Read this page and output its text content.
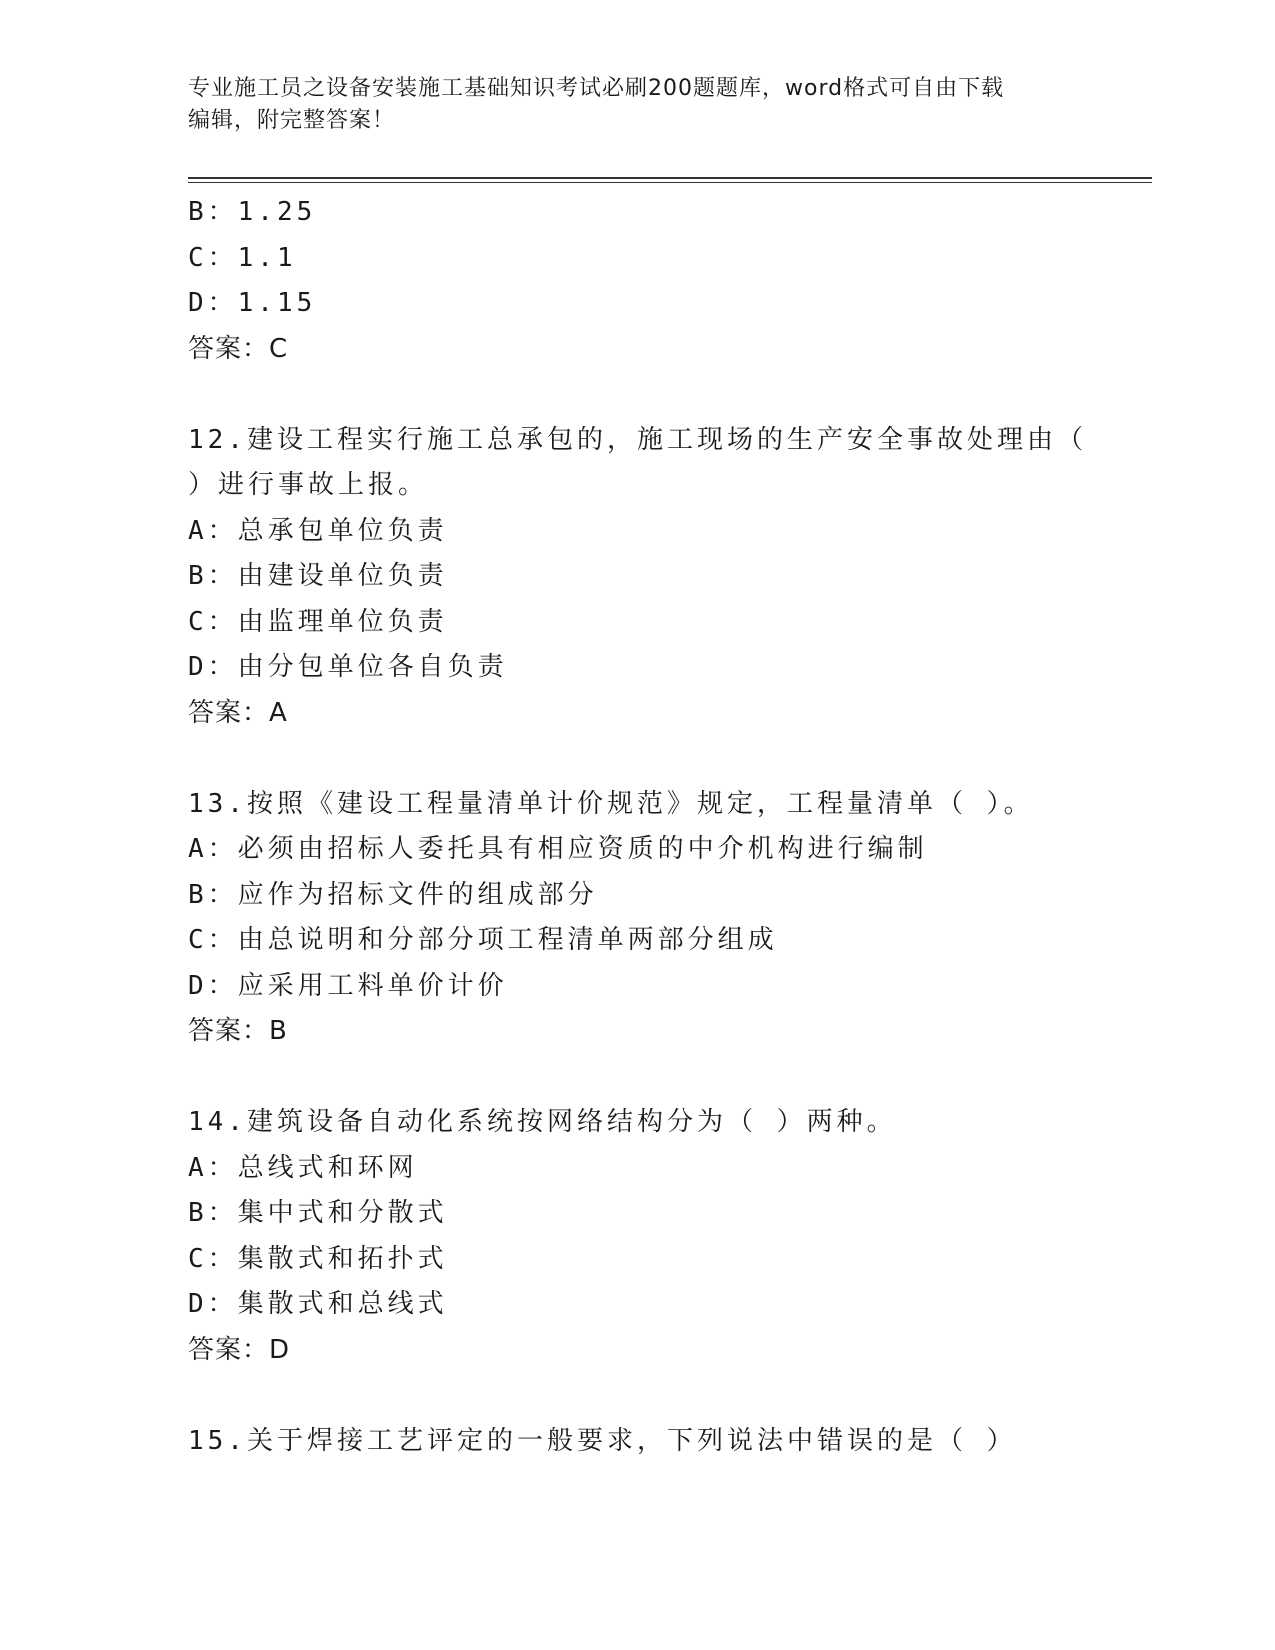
专业施工员之设备安装施工基础知识考试必刷200题题库，word格式可自由下载
编辑，附完整答案！
B：1.25
C：1.1
D：1.15
答案：C
12.建设工程实行施工总承包的，施工现场的生产安全事故处理由（
）进行事故上报。
A：总承包单位负责
B：由建设单位负责
C：由监理单位负责
D：由分包单位各自负责
答案：A
13.按照《建设工程量清单计价规范》规定，工程量清单（ ）。
A：必须由招标人委托具有相应资质的中介机构进行编制
B：应作为招标文件的组成部分
C：由总说明和分部分项工程清单两部分组成
D：应采用工料单价计价
答案：B
14.建筑设备自动化系统按网络结构分为（ ）两种。
A：总线式和环网
B：集中式和分散式
C：集散式和拓扑式
D：集散式和总线式
答案：D
15.关于焊接工艺评定的一般要求，下列说法中错误的是（ ）
